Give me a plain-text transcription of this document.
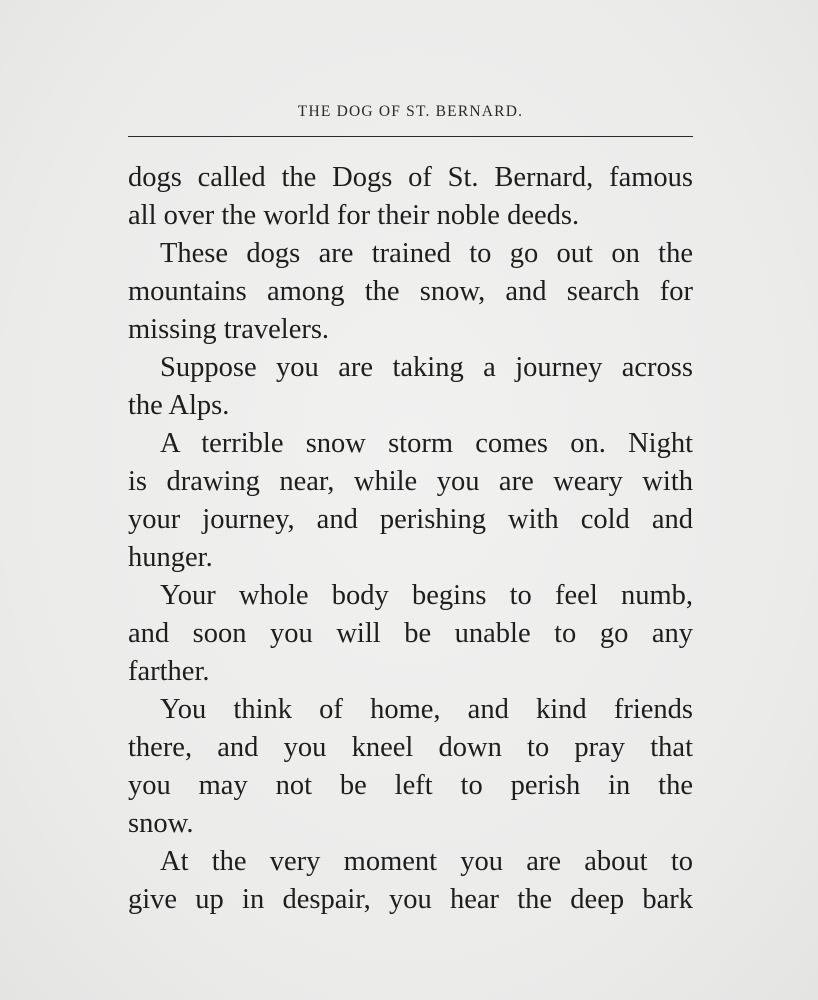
THE DOG OF ST. BERNARD.
dogs called the Dogs of St. Bernard, famous
all over the world for their noble deeds.
These dogs are trained to go out on the
mountains among the snow, and search for
missing travelers.
Suppose you are taking a journey across
the Alps.
A terrible snow storm comes on. Night
is drawing near, while you are weary with
your journey, and perishing with cold and
hunger.
Your whole body begins to feel numb,
and soon you will be unable to go any
farther.
You think of home, and kind friends
there, and you kneel down to pray that
you may not be left to perish in the
snow.
At the very moment you are about to
give up in despair, you hear the deep bark
